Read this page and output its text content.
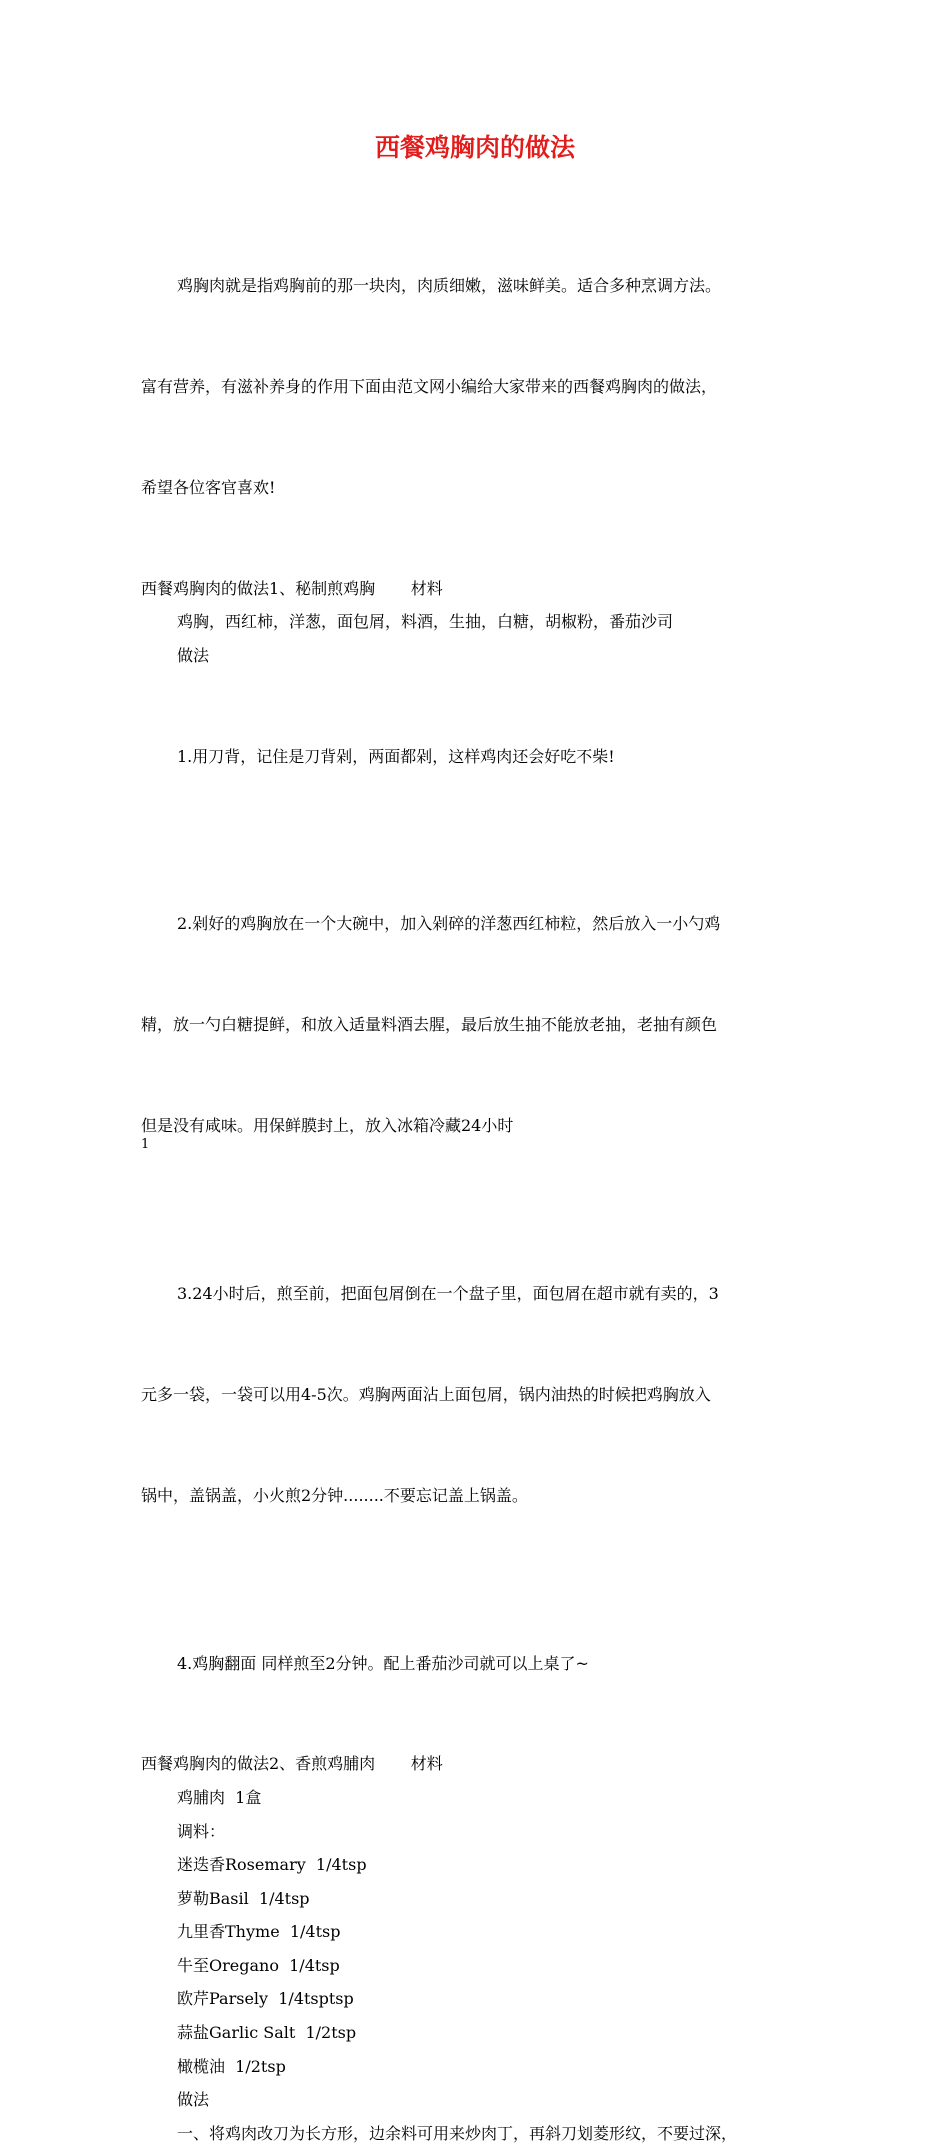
西餐鸡胸肉的做法

鸡胸肉就是指鸡胸前的那一块肉，肉质细嫩，滋味鲜美。适合多种烹调方法。

富有营养，有滋补养身的作用下面由范文网小编给大家带来的西餐鸡胸肉的做法，

希望各位客官喜欢!

西餐鸡胸肉的做法1、秘制煎鸡胸       材料
鸡胸，西红柿，洋葱，面包屑，料酒，生抽，白糖，胡椒粉，番茄沙司
做法

1.用刀背，记住是刀背剁，两面都剁，这样鸡肉还会好吃不柴!

2.剁好的鸡胸放在一个大碗中，加入剁碎的洋葱西红柿粒，然后放入一小勺鸡

精，放一勺白糖提鲜，和放入适量料酒去腥，最后放生抽不能放老抽，老抽有颜色

但是没有咸味。用保鲜膜封上，放入冰箱冷藏24小时

3.24小时后，煎至前，把面包屑倒在一个盘子里，面包屑在超市就有卖的，3

元多一袋，一袋可以用4-5次。鸡胸两面沾上面包屑，锅内油热的时候把鸡胸放入

锅中，盖锅盖，小火煎2分钟........不要忘记盖上锅盖。

4.鸡胸翻面 同样煎至2分钟。配上番茄沙司就可以上桌了~

西餐鸡胸肉的做法2、香煎鸡脯肉       材料
鸡脯肉  1盒
调料：
迷迭香Rosemary  1/4tsp
萝勒Basil  1/4tsp
九里香Thyme  1/4tsp
牛至Oregano  1/4tsp
欧芹Parsely  1/4tsptsp
蒜盐Garlic Salt  1/2tsp
橄榄油  1/2tsp
做法
一、将鸡肉改刀为长方形，边余料可用来炒肉丁，再斜刀划菱形纹，不要过深，
1
